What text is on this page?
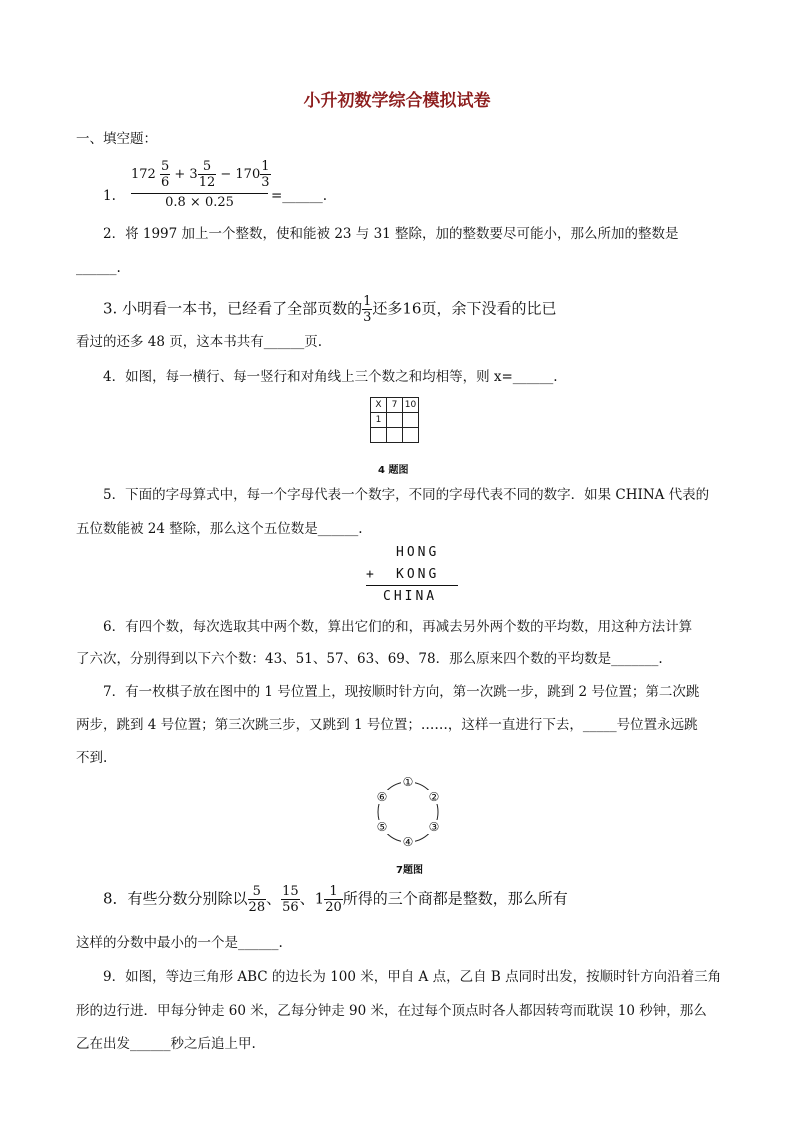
小升初数学综合模拟试卷
一、填空题：
1.
$172 \frac{5}{6} + 3 \frac{5}{12} - 170 \frac{1}{3}$
0.8 × 0.25	=______.
2．将 1997 加上一个整数，使和能被 23 与 31 整除，加的整数要尽可能小，那么所加的整数是
______.
3. 小明看一本书，已经看了全部页数的 $\frac{1}{3}$ 还多16页，余下没看的比已
看过的还多 48 页，这本书共有______页.
4．如图，每一横行、每一竖行和对角线上三个数之和均相等，则 x=______.
X	7	10
1		

4 题图
5．下面的字母算式中，每一个字母代表一个数字，不同的字母代表不同的数字．如果 CHINA 代表的
五位数能被 24 整除，那么这个五位数是______.
HONG
+ KONG
CHINA
6．有四个数，每次选取其中两个数，算出它们的和，再减去另外两个数的平均数，用这种方法计算
了六次，分别得到以下六个数：43、51、57、63、69、78．那么原来四个数的平均数是_______.
7．有一枚棋子放在图中的 1 号位置上，现按顺时针方向，第一次跳一步，跳到 2 号位置；第二次跳
两步，跳到 4 号位置；第三次跳三步，又跳到 1 号位置；……，这样一直进行下去，_____号位置永远跳
不到.
①
②
③
④
⑤
⑥
7题图
8．有些分数分别除以 $\frac{5}{28}$ 、 $\frac{15}{56}$ 、$1 \frac{1}{20}$ 所得的三个商都是整数，那么所有
这样的分数中最小的一个是______.
9．如图，等边三角形 ABC 的边长为 100 米，甲自 A 点，乙自 B 点同时出发，按顺时针方向沿着三角
形的边行进．甲每分钟走 60 米，乙每分钟走 90 米，在过每个顶点时各人都因转弯而耽误 10 秒钟，那么
乙在出发______秒之后追上甲.
